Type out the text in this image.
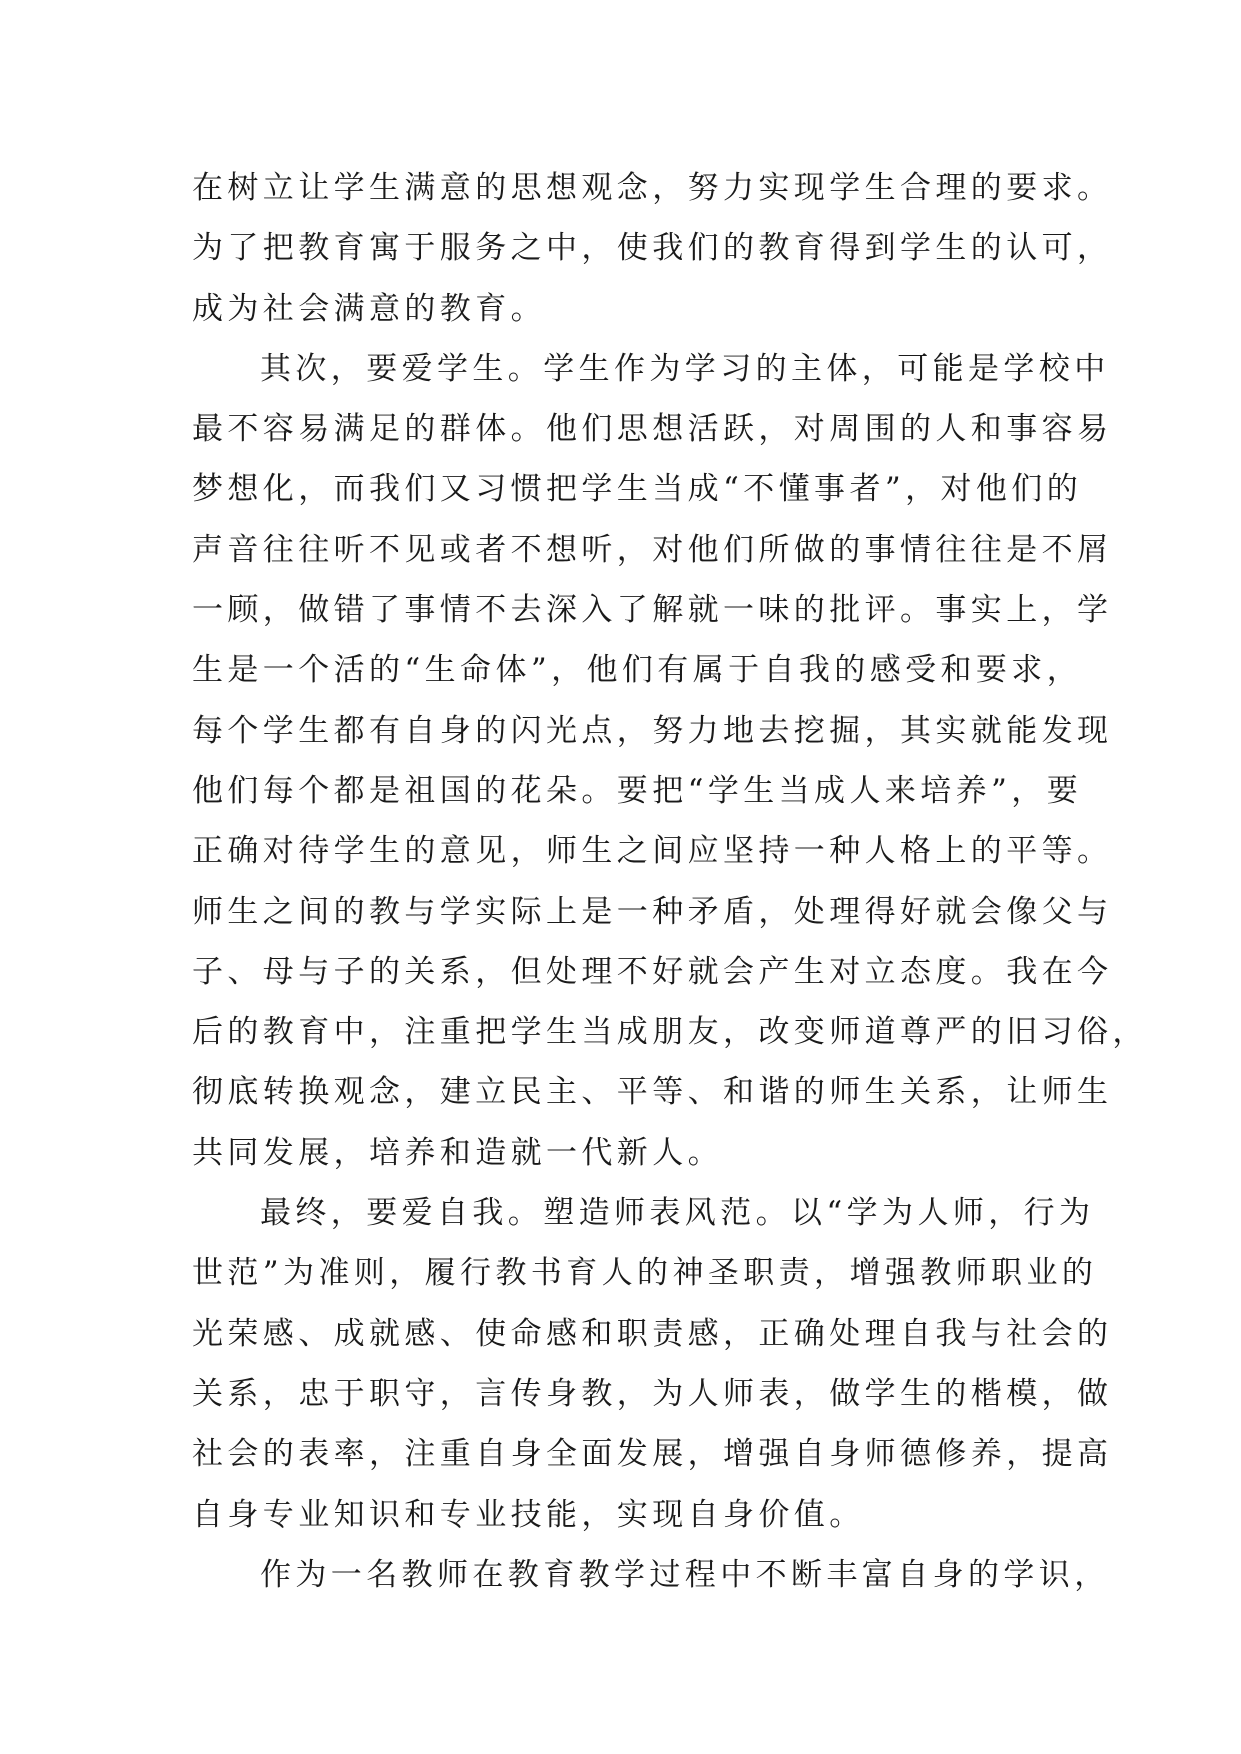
在树立让学生满意的思想观念，努力实现学生合理的要求。
为了把教育寓于服务之中，使我们的教育得到学生的认可，
成为社会满意的教育。
其次，要爱学生。学生作为学习的主体，可能是学校中
最不容易满足的群体。他们思想活跃，对周围的人和事容易
梦想化，而我们又习惯把学生当成“不懂事者”，对他们的
声音往往听不见或者不想听，对他们所做的事情往往是不屑
一顾，做错了事情不去深入了解就一味的批评。事实上，学
生是一个活的“生命体”，他们有属于自我的感受和要求，
每个学生都有自身的闪光点，努力地去挖掘，其实就能发现
他们每个都是祖国的花朵。要把“学生当成人来培养”，要
正确对待学生的意见，师生之间应坚持一种人格上的平等。
师生之间的教与学实际上是一种矛盾，处理得好就会像父与
子、母与子的关系，但处理不好就会产生对立态度。我在今
后的教育中，注重把学生当成朋友，改变师道尊严的旧习俗，
彻底转换观念，建立民主、平等、和谐的师生关系，让师生
共同发展，培养和造就一代新人。
最终，要爱自我。塑造师表风范。以“学为人师，行为
世范”为准则，履行教书育人的神圣职责，增强教师职业的
光荣感、成就感、使命感和职责感，正确处理自我与社会的
关系，忠于职守，言传身教，为人师表，做学生的楷模，做
社会的表率，注重自身全面发展，增强自身师德修养，提高
自身专业知识和专业技能，实现自身价值。
作为一名教师在教育教学过程中不断丰富自身的学识，
